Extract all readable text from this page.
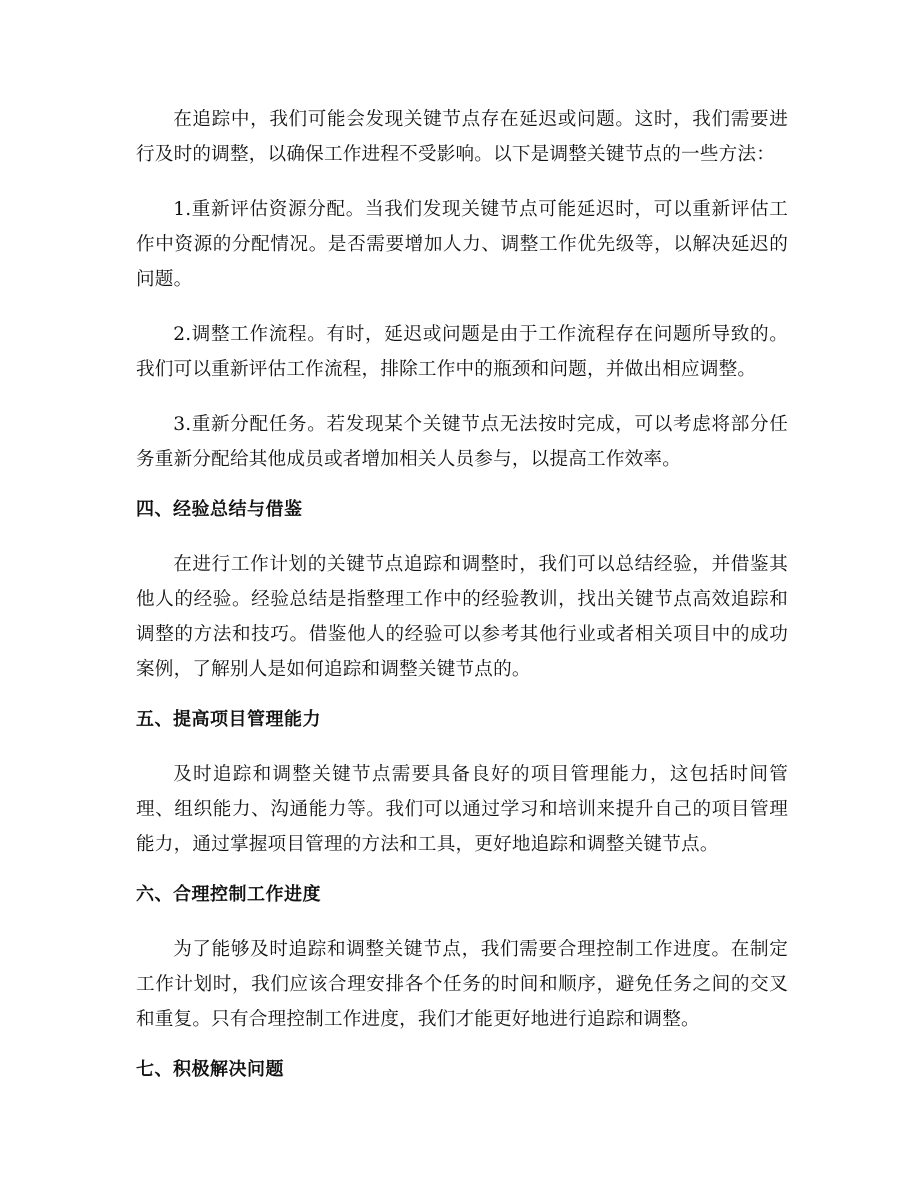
在追踪中，我们可能会发现关键节点存在延迟或问题。这时，我们需要进行及时的调整，以确保工作进程不受影响。以下是调整关键节点的一些方法：

1.重新评估资源分配。当我们发现关键节点可能延迟时，可以重新评估工作中资源的分配情况。是否需要增加人力、调整工作优先级等，以解决延迟的问题。

2.调整工作流程。有时，延迟或问题是由于工作流程存在问题所导致的。我们可以重新评估工作流程，排除工作中的瓶颈和问题，并做出相应调整。

3.重新分配任务。若发现某个关键节点无法按时完成，可以考虑将部分任务重新分配给其他成员或者增加相关人员参与，以提高工作效率。

四、经验总结与借鉴

在进行工作计划的关键节点追踪和调整时，我们可以总结经验，并借鉴其他人的经验。经验总结是指整理工作中的经验教训，找出关键节点高效追踪和调整的方法和技巧。借鉴他人的经验可以参考其他行业或者相关项目中的成功案例，了解别人是如何追踪和调整关键节点的。

五、提高项目管理能力

及时追踪和调整关键节点需要具备良好的项目管理能力，这包括时间管理、组织能力、沟通能力等。我们可以通过学习和培训来提升自己的项目管理能力，通过掌握项目管理的方法和工具，更好地追踪和调整关键节点。

六、合理控制工作进度

为了能够及时追踪和调整关键节点，我们需要合理控制工作进度。在制定工作计划时，我们应该合理安排各个任务的时间和顺序，避免任务之间的交叉和重复。只有合理控制工作进度，我们才能更好地进行追踪和调整。

七、积极解决问题
